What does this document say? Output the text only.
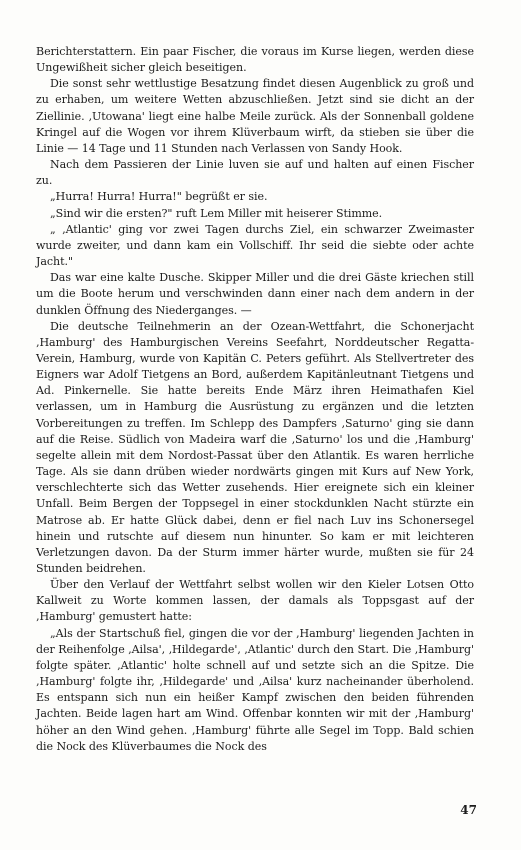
Berichterstattern. Ein paar Fischer, die voraus im Kurse liegen, werden diese Ungewißheit sicher gleich beseitigen.

Die sonst sehr wettlustige Besatzung findet diesen Augenblick zu groß und zu erhaben, um weitere Wetten abzuschließen. Jetzt sind sie dicht an der Ziellinie. ‚Utowana' liegt eine halbe Meile zurück. Als der Sonnenball goldene Kringel auf die Wogen vor ihrem Klüverbaum wirft, da stieben sie über die Linie — 14 Tage und 11 Stunden nach Verlassen von Sandy Hook.

Nach dem Passieren der Linie luven sie auf und halten auf einen Fischer zu.

„Hurra! Hurra! Hurra!" begrüßt er sie.

„Sind wir die ersten?" ruft Lem Miller mit heiserer Stimme.

„ ‚Atlantic' ging vor zwei Tagen durchs Ziel, ein schwarzer Zweimaster wurde zweiter, und dann kam ein Vollschiff. Ihr seid die siebte oder achte Jacht."

Das war eine kalte Dusche. Skipper Miller und die drei Gäste kriechen still um die Boote herum und verschwinden dann einer nach dem andern in der dunklen Öffnung des Niederganges. —

Die deutsche Teilnehmerin an der Ozean-Wettfahrt, die Schonerjacht ‚Hamburg' des Hamburgischen Vereins Seefahrt, Norddeutscher Regatta-Verein, Hamburg, wurde von Kapitän C. Peters geführt. Als Stellvertreter des Eigners war Adolf Tietgens an Bord, außerdem Kapitänleutnant Tietgens und Ad. Pinkernelle. Sie hatte bereits Ende März ihren Heimathafen Kiel verlassen, um in Hamburg die Ausrüstung zu ergänzen und die letzten Vorbereitungen zu treffen. Im Schlepp des Dampfers ‚Saturno' ging sie dann auf die Reise. Südlich von Madeira warf die ‚Saturno' los und die ‚Hamburg' segelte allein mit dem Nordost-Passat über den Atlantik. Es waren herrliche Tage. Als sie dann drüben wieder nordwärts gingen mit Kurs auf New York, verschlechterte sich das Wetter zusehends. Hier ereignete sich ein kleiner Unfall. Beim Bergen der Toppsegel in einer stockdunklen Nacht stürzte ein Matrose ab. Er hatte Glück dabei, denn er fiel nach Luv ins Schonersegel hinein und rutschte auf diesem nun hinunter. So kam er mit leichteren Verletzungen davon. Da der Sturm immer härter wurde, mußten sie für 24 Stunden beidrehen.

Über den Verlauf der Wettfahrt selbst wollen wir den Kieler Lotsen Otto Kallweit zu Worte kommen lassen, der damals als Toppsgast auf der ‚Hamburg' gemustert hatte:

„Als der Startschuß fiel, gingen die vor der ‚Hamburg' liegenden Jachten in der Reihenfolge ‚Ailsa', ‚Hildegarde', ‚Atlantic' durch den Start. Die ‚Hamburg' folgte später. ‚Atlantic' holte schnell auf und setzte sich an die Spitze. Die ‚Hamburg' folgte ihr, ‚Hildegarde' und ‚Ailsa' kurz nacheinander überholend. Es entspann sich nun ein heißer Kampf zwischen den beiden führenden Jachten. Beide lagen hart am Wind. Offenbar konnten wir mit der ‚Hamburg' höher an den Wind gehen. ‚Hamburg' führte alle Segel im Topp. Bald schien die Nock des Klüverbaumes die Nock des

47
